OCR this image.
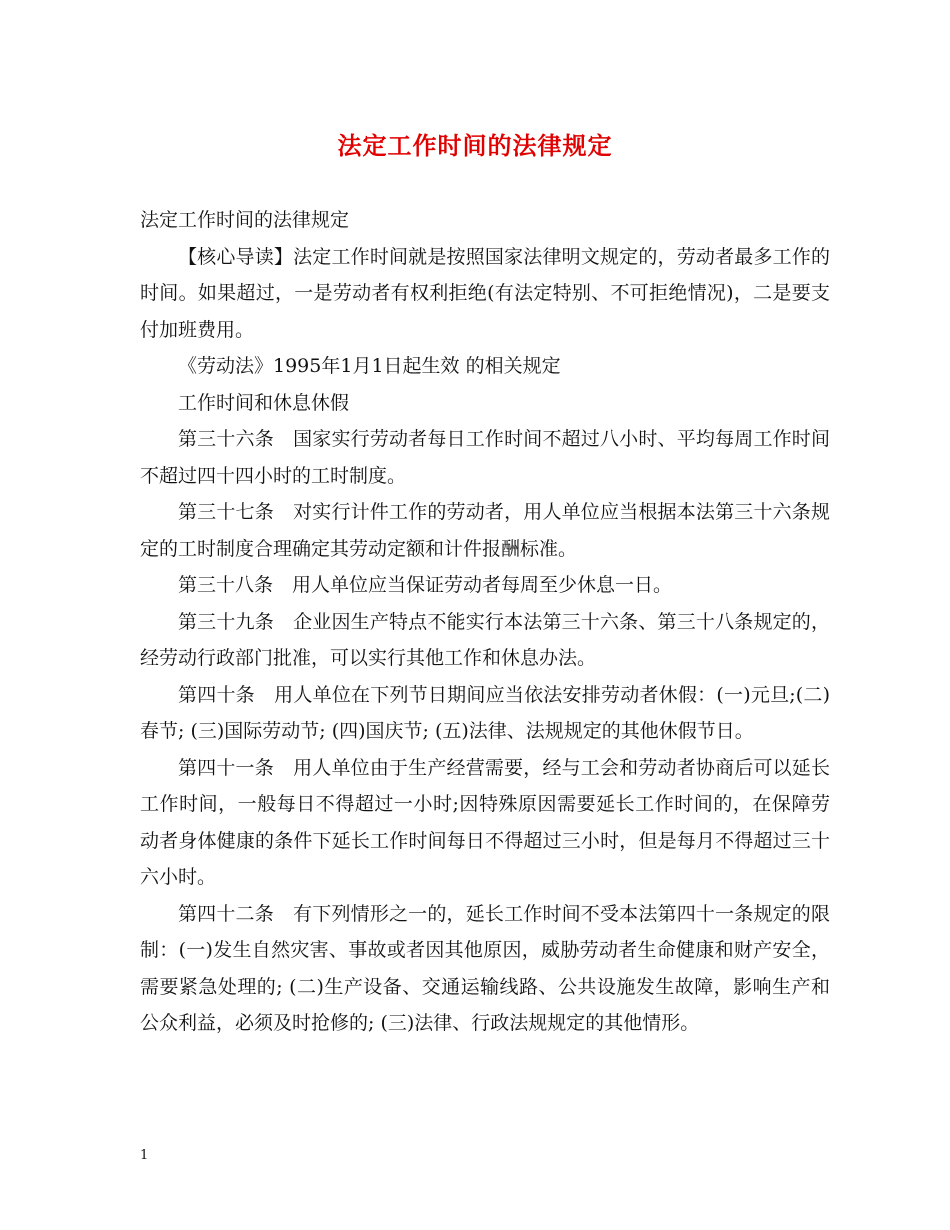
法定工作时间的法律规定

法定工作时间的法律规定

【核心导读】法定工作时间就是按照国家法律明文规定的，劳动者最多工作的时间。如果超过，一是劳动者有权利拒绝(有法定特别、不可拒绝情况)，二是要支付加班费用。

《劳动法》1995年1月1日起生效 的相关规定

工作时间和休息休假

第三十六条　国家实行劳动者每日工作时间不超过八小时、平均每周工作时间不超过四十四小时的工时制度。

第三十七条　对实行计件工作的劳动者，用人单位应当根据本法第三十六条规定的工时制度合理确定其劳动定额和计件报酬标准。

第三十八条　用人单位应当保证劳动者每周至少休息一日。

第三十九条　企业因生产特点不能实行本法第三十六条、第三十八条规定的，经劳动行政部门批准，可以实行其他工作和休息办法。

第四十条　用人单位在下列节日期间应当依法安排劳动者休假：(一)元旦;(二)春节; (三)国际劳动节; (四)国庆节; (五)法律、法规规定的其他休假节日。

第四十一条　用人单位由于生产经营需要，经与工会和劳动者协商后可以延长工作时间，一般每日不得超过一小时;因特殊原因需要延长工作时间的，在保障劳动者身体健康的条件下延长工作时间每日不得超过三小时，但是每月不得超过三十六小时。

第四十二条　有下列情形之一的，延长工作时间不受本法第四十一条规定的限制：(一)发生自然灾害、事故或者因其他原因，威胁劳动者生命健康和财产安全，需要紧急处理的; (二)生产设备、交通运输线路、公共设施发生故障，影响生产和公众利益，必须及时抢修的; (三)法律、行政法规规定的其他情形。

1
